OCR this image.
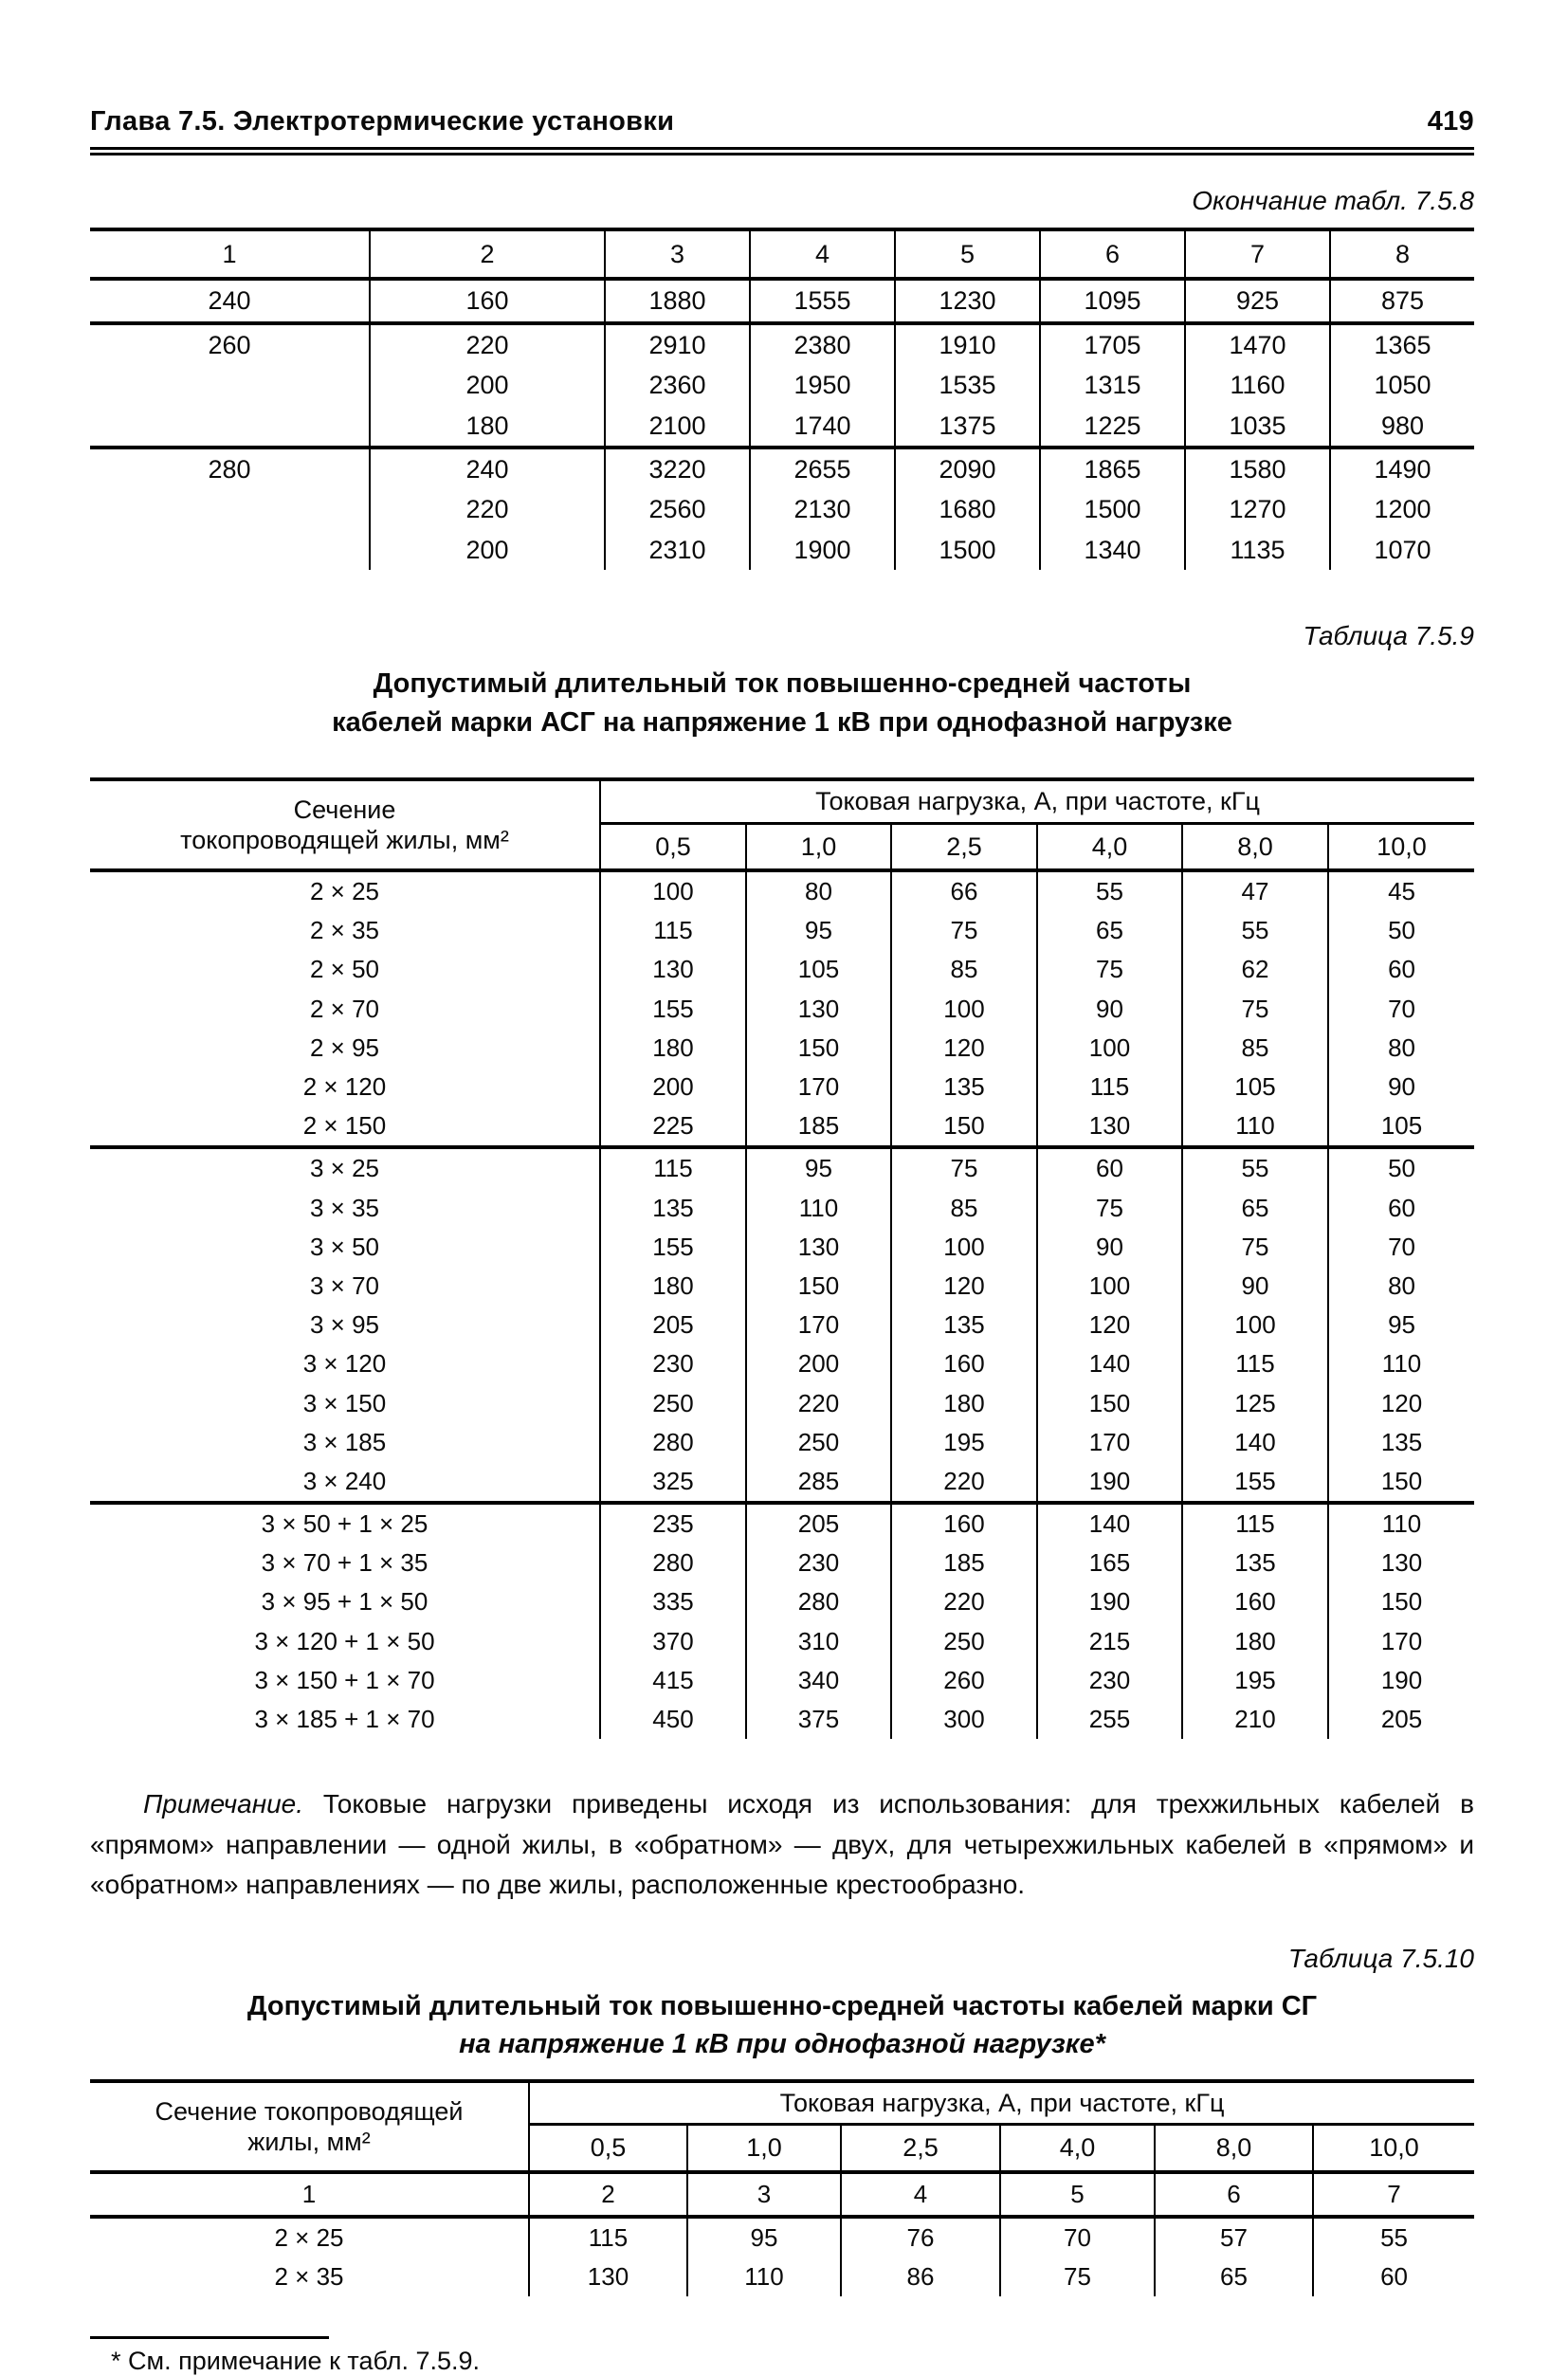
Глава 7.5. Электротермические установки	419
Окончание табл. 7.5.8
1	2	3	4	5	6	7	8
240	160	1880	1555	1230	1095	925	875
260	220	2910	2380	1910	1705	1470	1365
	200	2360	1950	1535	1315	1160	1050
	180	2100	1740	1375	1225	1035	980
280	240	3220	2655	2090	1865	1580	1490
	220	2560	2130	1680	1500	1270	1200
	200	2310	1900	1500	1340	1135	1070
Таблица 7.5.9
Допустимый длительный ток повышенно-средней частоты
кабелей марки АСГ на напряжение 1 кВ при однофазной нагрузке
Сечение
токопроводящей жилы, мм²	Токовая нагрузка, А, при частоте, кГц					
	0,5	1,0	2,5	4,0	8,0	10,0
2 × 25	100	80	66	55	47	45
2 × 35	115	95	75	65	55	50
2 × 50	130	105	85	75	62	60
2 × 70	155	130	100	90	75	70
2 × 95	180	150	120	100	85	80
2 × 120	200	170	135	115	105	90
2 × 150	225	185	150	130	110	105
3 × 25	115	95	75	60	55	50
3 × 35	135	110	85	75	65	60
3 × 50	155	130	100	90	75	70
3 × 70	180	150	120	100	90	80
3 × 95	205	170	135	120	100	95
3 × 120	230	200	160	140	115	110
3 × 150	250	220	180	150	125	120
3 × 185	280	250	195	170	140	135
3 × 240	325	285	220	190	155	150
3 × 50 + 1 × 25	235	205	160	140	115	110
3 × 70 + 1 × 35	280	230	185	165	135	130
3 × 95 + 1 × 50	335	280	220	190	160	150
3 × 120 + 1 × 50	370	310	250	215	180	170
3 × 150 + 1 × 70	415	340	260	230	195	190
3 × 185 + 1 × 70	450	375	300	255	210	205

Примечание. Токовые нагрузки приведены исходя из использования: для трехжильных кабелей в «прямом» направлении — одной жилы, в «обратном» — двух, для четырехжильных кабелей в «прямом» и «обратном» направлениях — по две жилы, расположенные крестообразно.

Таблица 7.5.10
Допустимый длительный ток повышенно-средней частоты кабелей марки СГ
на напряжение 1 кВ при однофазной нагрузке*
Сечение токопроводящей
жилы, мм²	Токовая нагрузка, А, при частоте, кГц					
	0,5	1,0	2,5	4,0	8,0	10,0
1	2	3	4	5	6	7
2 × 25	115	95	76	70	57	55
2 × 35	130	110	86	75	65	60
* См. примечание к табл. 7.5.9.
